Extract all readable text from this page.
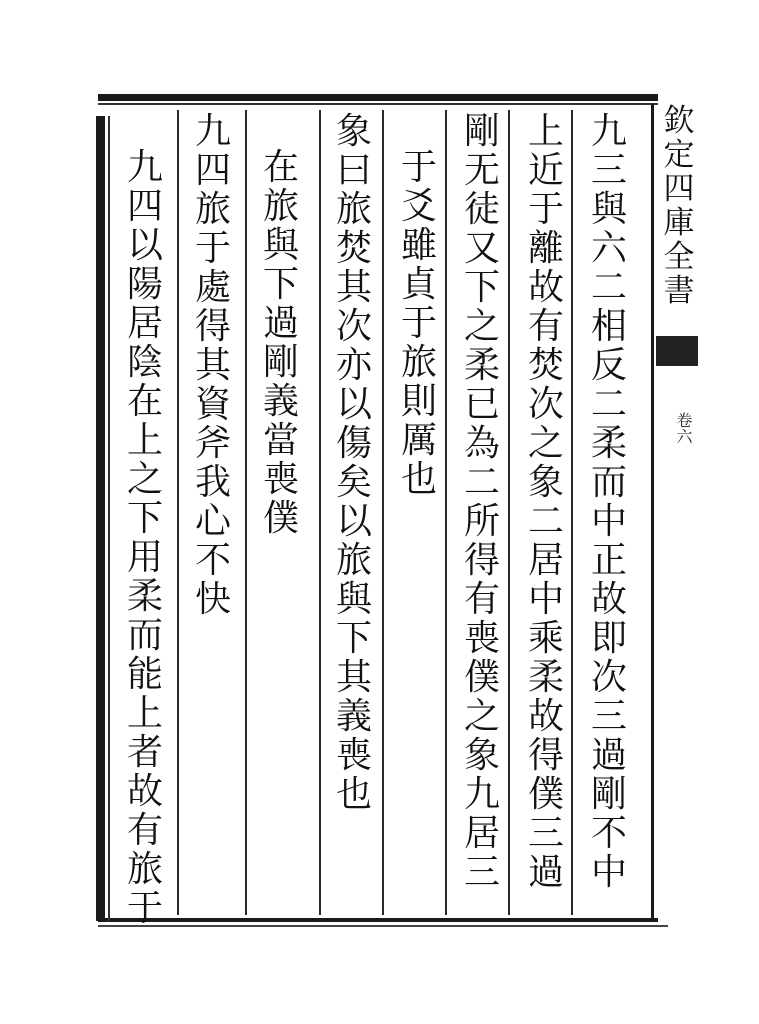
欽
定
四
庫
全
書
卷六
九
三
與
六
二
相
反
二
柔
而
中
正
故
即
次
三
過
剛
不
中
上
近
于
離
故
有
焚
次
之
象
二
居
中
乘
柔
故
得
僕
三
過
剛
无
徒
又
下
之
柔
已
為
二
所
得
有
喪
僕
之
象
九
居
三
于
爻
雖
貞
于
旅
則
厲
也
象
曰
旅
焚
其
次
亦
以
傷
矣
以
旅
與
下
其
義
喪
也
在
旅
與
下
過
剛
義
當
喪
僕
九
四
旅
于
處
得
其
資
斧
我
心
不
快
九
四
以
陽
居
陰
在
上
之
下
用
柔
而
能
上
者
故
有
旅
于
